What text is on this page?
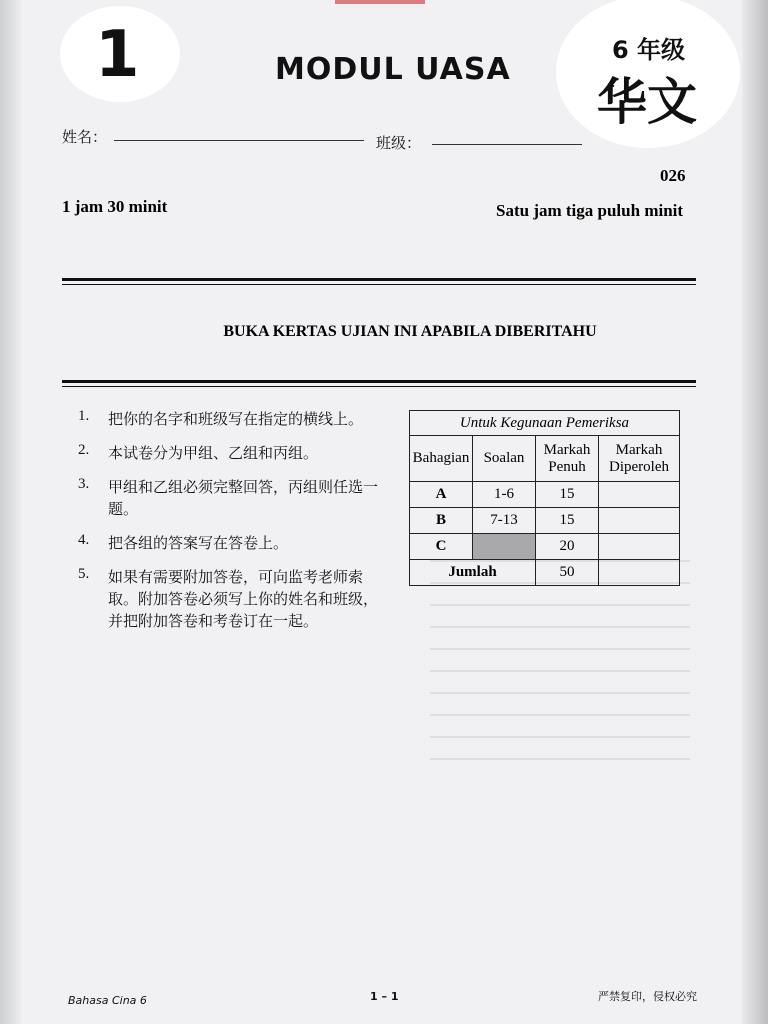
1	MODUL UASA
6 年级
华文
姓名：	班级：
026
1 jam 30 minit	Satu jam tiga puluh minit
BUKA KERTAS UJIAN INI APABILA DIBERITAHU
1. 把你的名字和班级写在指定的横线上。
2. 本试卷分为甲组、乙组和丙组。
3. 甲组和乙组必须完整回答，丙组则任选一题。
4. 把各组的答案写在答卷上。
5. 如果有需要附加答卷，可向监考老师索取。附加答卷必须写上你的姓名和班级，并把附加答卷和考卷订在一起。
Untuk Kegunaan Pemeriksa			
Bahagian	Soalan	Markah Penuh	Markah Diperoleh
A	1-6	15	
B	7-13	15	
C		20	
Jumlah		50	
Bahasa Cina 6	1 – 1	严禁复印，侵权必究
